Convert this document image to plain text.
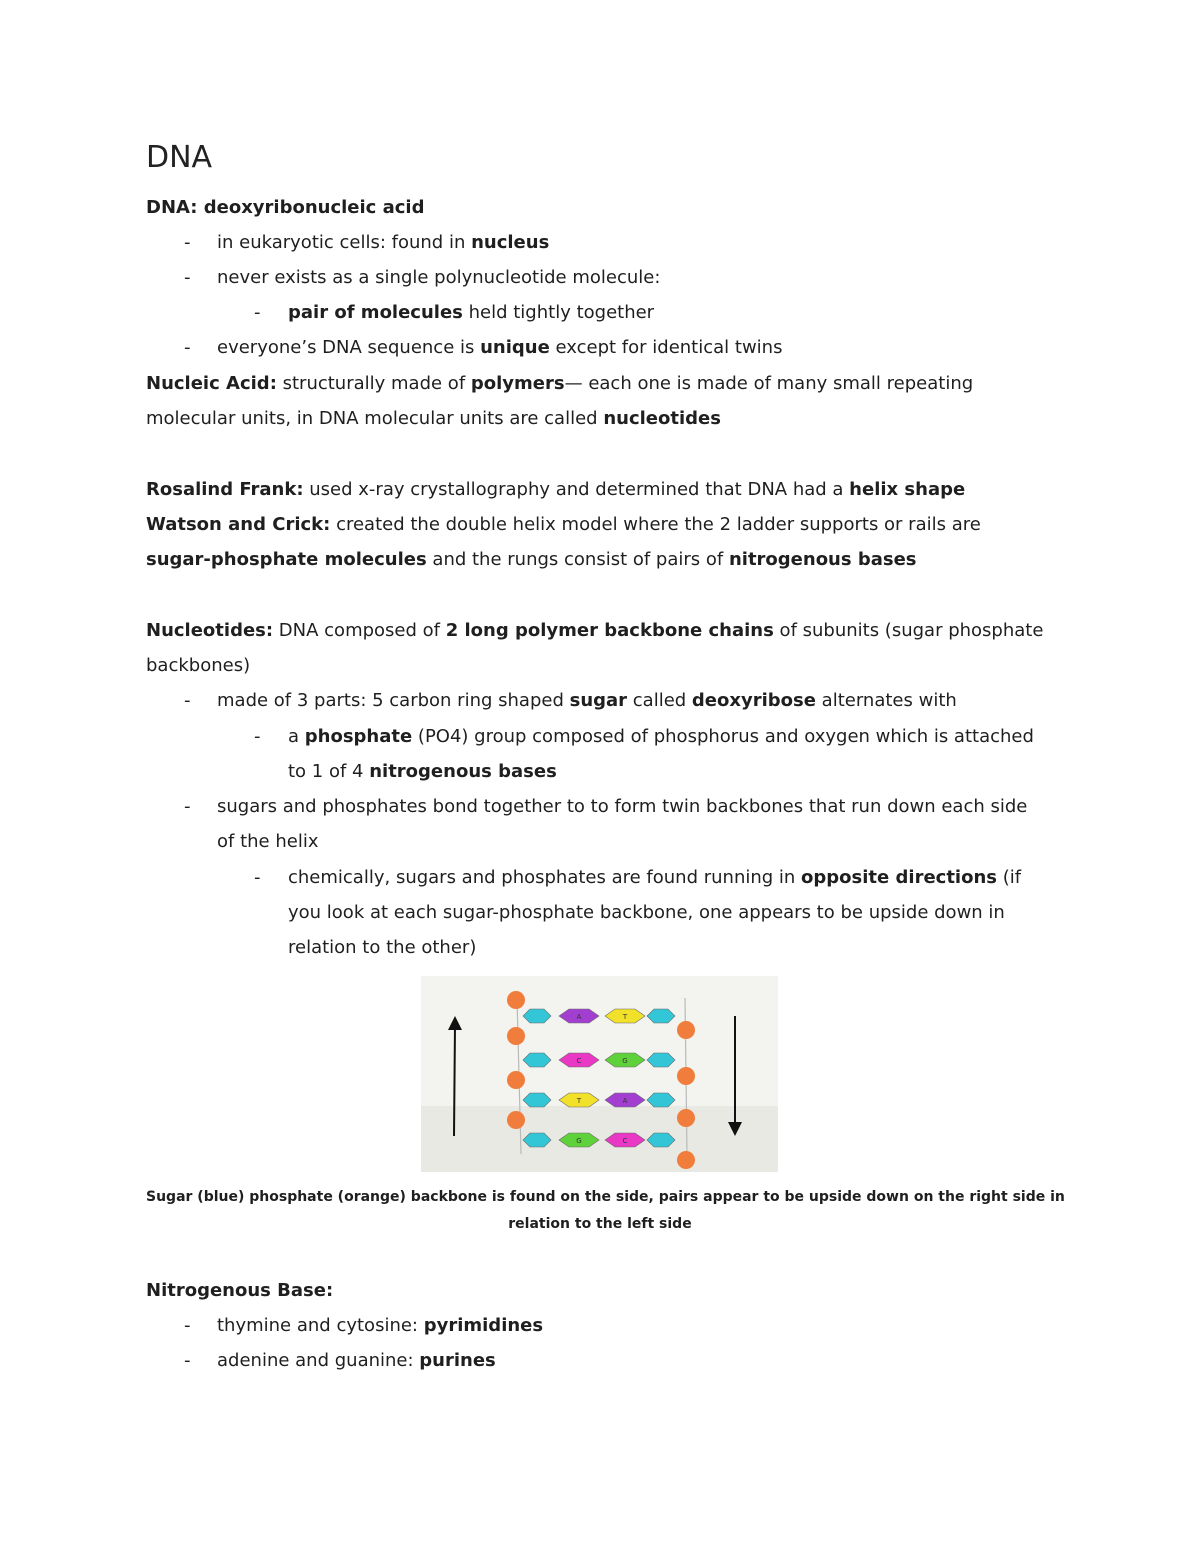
DNA
DNA: deoxyribonucleic acid
- in eukaryotic cells: found in nucleus
- never exists as a single polynucleotide molecule:
- pair of molecules held tightly together
- everyone’s DNA sequence is unique except for identical twins
Nucleic Acid: structurally made of polymers— each one is made of many small repeating
molecular units, in DNA molecular units are called nucleotides
Rosalind Frank: used x-ray crystallography and determined that DNA had a helix shape
Watson and Crick: created the double helix model where the 2 ladder supports or rails are
sugar-phosphate molecules and the rungs consist of pairs of nitrogenous bases
Nucleotides: DNA composed of 2 long polymer backbone chains of subunits (sugar phosphate
backbones)
- made of 3 parts: 5 carbon ring shaped sugar called deoxyribose alternates with
- a phosphate (PO4) group composed of phosphorus and oxygen which is attached
to 1 of 4 nitrogenous bases
- sugars and phosphates bond together to to form twin backbones that run down each side
of the helix
- chemically, sugars and phosphates are found running in opposite directions (if
you look at each sugar-phosphate backbone, one appears to be upside down in
relation to the other)
A	T
C	G
T	A
G	C
Sugar (blue) phosphate (orange) backbone is found on the side, pairs appear to be upside down on the right side in
relation to the left side
Nitrogenous Base:
- thymine and cytosine: pyrimidines
- adenine and guanine: purines
